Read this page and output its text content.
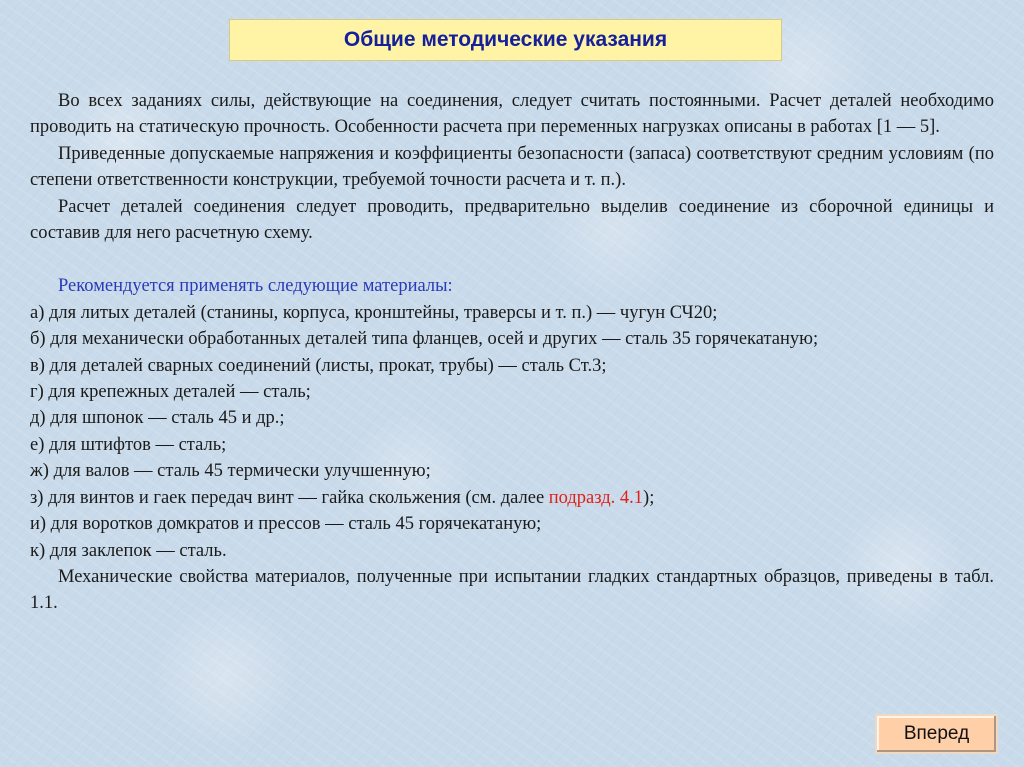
Общие методические указания

Во всех заданиях силы, действующие на соединения, следует считать постоянными. Расчет деталей необходимо проводить на статическую прочность. Особенности расчета при переменных нагрузках описаны в работах [1 — 5].

Приведенные допускаемые напряжения и коэффициенты безопасности (запаса) соответствуют средним условиям (по степени ответственности конструкции, требуемой точности расчета и т. п.).

Расчет деталей соединения следует проводить, предварительно выделив соединение из сборочной единицы и составив для него расчетную схему.

Рекомендуется применять следующие материалы:

а) для литых деталей (станины, корпуса, кронштейны, траверсы и т. п.) — чугун СЧ20;

б) для механически обработанных деталей типа фланцев, осей и других — сталь 35 горячекатаную;

в) для деталей сварных соединений (листы, прокат, трубы) — сталь Ст.3;

г) для крепежных деталей — сталь;

д) для шпонок — сталь 45 и др.;

е) для штифтов — сталь;

ж) для валов — сталь 45 термически улучшенную;

з) для винтов и гаек передач винт — гайка скольжения (см. далее подразд. 4.1);

и) для воротков домкратов и прессов — сталь 45 горячекатаную;

к) для заклепок — сталь.

Механические свойства материалов, полученные при испытании гладких стандартных образцов, приведены в табл. 1.1.

Вперед
